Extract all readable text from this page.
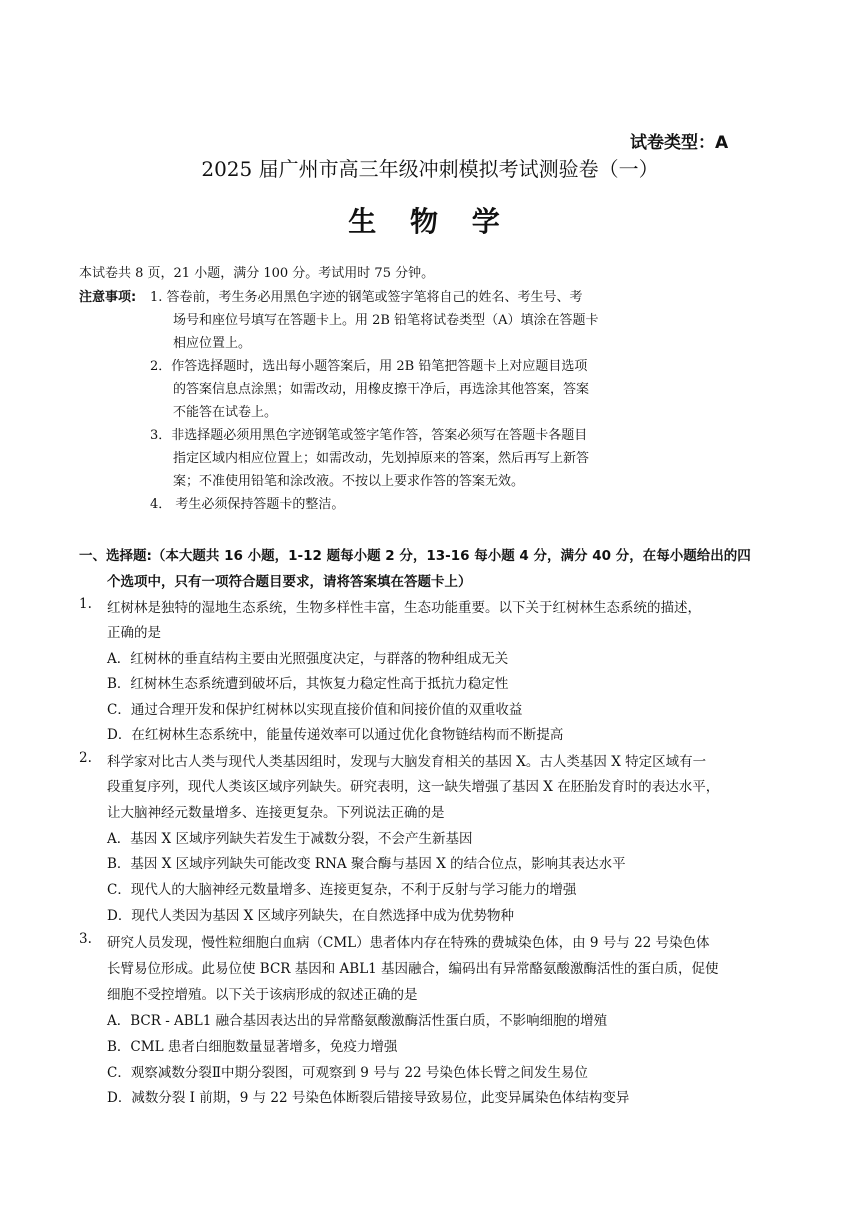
试卷类型：A
2025 届广州市高三年级冲刺模拟考试测验卷（一）
生 物 学
本试卷共 8 页，21 小题，满分 100 分。考试用时 75 分钟。
注意事项: 1. 答卷前，考生务必用黑色字迹的钢笔或签字笔将自己的姓名、考生号、考
场号和座位号填写在答题卡上。用 2B 铅笔将试卷类型（A）填涂在答题卡
相应位置上。
2．作答选择题时，选出每小题答案后，用 2B 铅笔把答题卡上对应题目选项
的答案信息点涂黑；如需改动，用橡皮擦干净后，再选涂其他答案，答案
不能答在试卷上。
3．非选择题必须用黑色字迹钢笔或签字笔作答，答案必须写在答题卡各题目
指定区域内相应位置上；如需改动，先划掉原来的答案，然后再写上新答
案；不准使用铅笔和涂改液。不按以上要求作答的答案无效。
4． 考生必须保持答题卡的整洁。
一、选择题:（本大题共 16 小题，1-12 题每小题 2 分，13-16 每小题 4 分，满分 40 分，在每小题给出的四
个选项中，只有一项符合题目要求，请将答案填在答题卡上）
1. 红树林是独特的湿地生态系统，生物多样性丰富，生态功能重要。以下关于红树林生态系统的描述，
正确的是
A．红树林的垂直结构主要由光照强度决定，与群落的物种组成无关
B．红树林生态系统遭到破坏后，其恢复力稳定性高于抵抗力稳定性
C．通过合理开发和保护红树林以实现直接价值和间接价值的双重收益
D．在红树林生态系统中，能量传递效率可以通过优化食物链结构而不断提高
2. 科学家对比古人类与现代人类基因组时，发现与大脑发育相关的基因 X。古人类基因 X 特定区域有一
段重复序列，现代人类该区域序列缺失。研究表明，这一缺失增强了基因 X 在胚胎发育时的表达水平，
让大脑神经元数量增多、连接更复杂。下列说法正确的是
A．基因 X 区域序列缺失若发生于减数分裂，不会产生新基因
B．基因 X 区域序列缺失可能改变 RNA 聚合酶与基因 X 的结合位点，影响其表达水平
C．现代人的大脑神经元数量增多、连接更复杂，不利于反射与学习能力的增强
D．现代人类因为基因 X 区域序列缺失，在自然选择中成为优势物种
3. 研究人员发现，慢性粒细胞白血病（CML）患者体内存在特殊的费城染色体，由 9 号与 22 号染色体
长臂易位形成。此易位使 BCR 基因和 ABL1 基因融合，编码出有异常酪氨酸激酶活性的蛋白质，促使
细胞不受控增殖。以下关于该病形成的叙述正确的是
A．BCR - ABL1 融合基因表达出的异常酪氨酸激酶活性蛋白质，不影响细胞的增殖
B．CML 患者白细胞数量显著增多，免疫力增强
C．观察减数分裂Ⅱ中期分裂图，可观察到 9 号与 22 号染色体长臂之间发生易位
D．减数分裂 I 前期，9 与 22 号染色体断裂后错接导致易位，此变异属染色体结构变异
